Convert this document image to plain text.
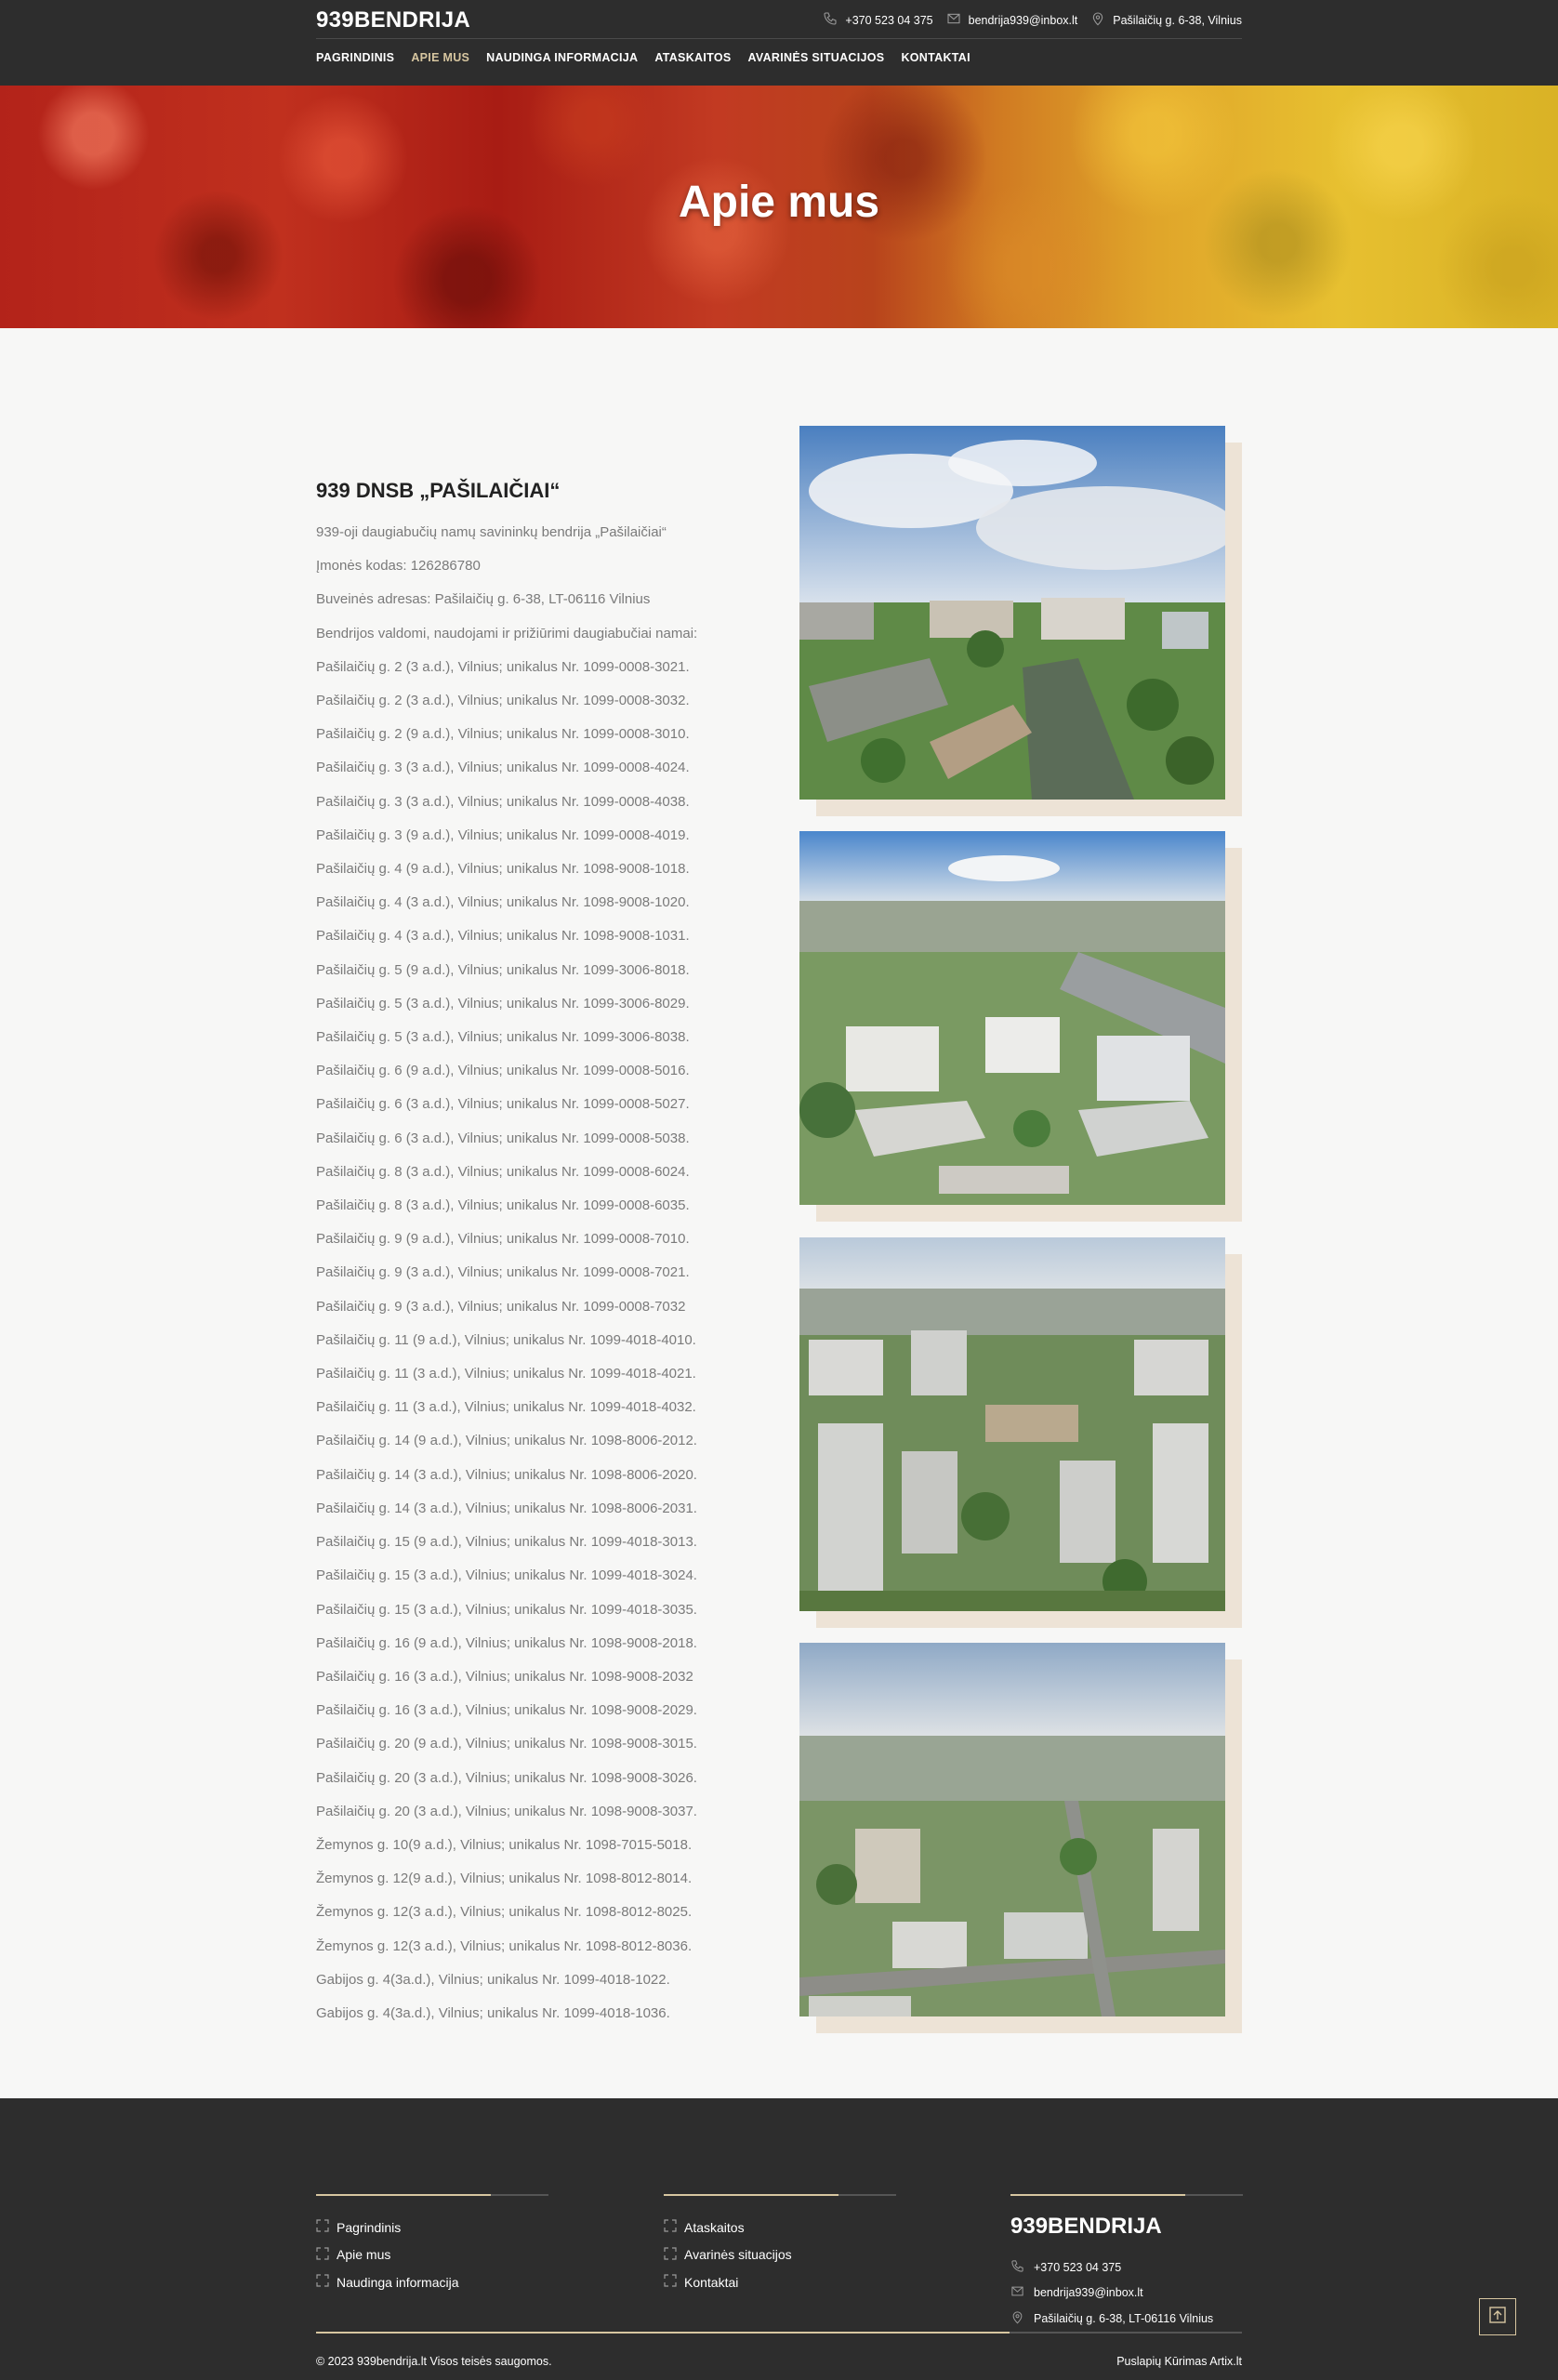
939BENDRIJA	+370 523 04 375	bendrija939@inbox.lt	Pašilaičių g. 6-38, Vilnius
PAGRINDINIS APIE MUS NAUDINGA INFORMACIJA ATASKAITOS AVARINĖS SITUACIJOS KONTAKTAI
Apie mus
939 DNSB „PAŠILAIČIAI“

939-oji daugiabučių namų savininkų bendrija „Pašilaičiai“

Įmonės kodas: 126286780

Buveinės adresas: Pašilaičių g. 6-38, LT-06116 Vilnius

Bendrijos valdomi, naudojami ir prižiūrimi daugiabučiai namai:

Pašilaičių g. 2 (3 a.d.), Vilnius; unikalus Nr. 1099-0008-3021.

Pašilaičių g. 2 (3 a.d.), Vilnius; unikalus Nr. 1099-0008-3032.

Pašilaičių g. 2 (9 a.d.), Vilnius; unikalus Nr. 1099-0008-3010.

Pašilaičių g. 3 (3 a.d.), Vilnius; unikalus Nr. 1099-0008-4024.

Pašilaičių g. 3 (3 a.d.), Vilnius; unikalus Nr. 1099-0008-4038.

Pašilaičių g. 3 (9 a.d.), Vilnius; unikalus Nr. 1099-0008-4019.

Pašilaičių g. 4 (9 a.d.), Vilnius; unikalus Nr. 1098-9008-1018.

Pašilaičių g. 4 (3 a.d.), Vilnius; unikalus Nr. 1098-9008-1020.

Pašilaičių g. 4 (3 a.d.), Vilnius; unikalus Nr. 1098-9008-1031.

Pašilaičių g. 5 (9 a.d.), Vilnius; unikalus Nr. 1099-3006-8018.

Pašilaičių g. 5 (3 a.d.), Vilnius; unikalus Nr. 1099-3006-8029.

Pašilaičių g. 5 (3 a.d.), Vilnius; unikalus Nr. 1099-3006-8038.

Pašilaičių g. 6 (9 a.d.), Vilnius; unikalus Nr. 1099-0008-5016.

Pašilaičių g. 6 (3 a.d.), Vilnius; unikalus Nr. 1099-0008-5027.

Pašilaičių g. 6 (3 a.d.), Vilnius; unikalus Nr. 1099-0008-5038.

Pašilaičių g. 8 (3 a.d.), Vilnius; unikalus Nr. 1099-0008-6024.

Pašilaičių g. 8 (3 a.d.), Vilnius; unikalus Nr. 1099-0008-6035.

Pašilaičių g. 9 (9 a.d.), Vilnius; unikalus Nr. 1099-0008-7010.

Pašilaičių g. 9 (3 a.d.), Vilnius; unikalus Nr. 1099-0008-7021.

Pašilaičių g. 9 (3 a.d.), Vilnius; unikalus Nr. 1099-0008-7032

Pašilaičių g. 11 (9 a.d.), Vilnius; unikalus Nr. 1099-4018-4010.

Pašilaičių g. 11 (3 a.d.), Vilnius; unikalus Nr. 1099-4018-4021.

Pašilaičių g. 11 (3 a.d.), Vilnius; unikalus Nr. 1099-4018-4032.

Pašilaičių g. 14 (9 a.d.), Vilnius; unikalus Nr. 1098-8006-2012.

Pašilaičių g. 14 (3 a.d.), Vilnius; unikalus Nr. 1098-8006-2020.

Pašilaičių g. 14 (3 a.d.), Vilnius; unikalus Nr. 1098-8006-2031.

Pašilaičių g. 15 (9 a.d.), Vilnius; unikalus Nr. 1099-4018-3013.

Pašilaičių g. 15 (3 a.d.), Vilnius; unikalus Nr. 1099-4018-3024.

Pašilaičių g. 15 (3 a.d.), Vilnius; unikalus Nr. 1099-4018-3035.

Pašilaičių g. 16 (9 a.d.), Vilnius; unikalus Nr. 1098-9008-2018.

Pašilaičių g. 16 (3 a.d.), Vilnius; unikalus Nr. 1098-9008-2032

Pašilaičių g. 16 (3 a.d.), Vilnius; unikalus Nr. 1098-9008-2029.

Pašilaičių g. 20 (9 a.d.), Vilnius; unikalus Nr. 1098-9008-3015.

Pašilaičių g. 20 (3 a.d.), Vilnius; unikalus Nr. 1098-9008-3026.

Pašilaičių g. 20 (3 a.d.), Vilnius; unikalus Nr. 1098-9008-3037.

Žemynos g. 10(9 a.d.), Vilnius; unikalus Nr. 1098-7015-5018.

Žemynos g. 12(9 a.d.), Vilnius; unikalus Nr. 1098-8012-8014.

Žemynos g. 12(3 a.d.), Vilnius; unikalus Nr. 1098-8012-8025.

Žemynos g. 12(3 a.d.), Vilnius; unikalus Nr. 1098-8012-8036.

Gabijos g. 4(3a.d.), Vilnius; unikalus Nr. 1099-4018-1022.

Gabijos g. 4(3a.d.), Vilnius; unikalus Nr. 1099-4018-1036.

Pagrindinis
Apie mus
Naudinga informacija
Ataskaitos
Avarinės situacijos
Kontaktai
939BENDRIJA
+370 523 04 375
bendrija939@inbox.lt
Pašilaičių g. 6-38, LT-06116 Vilnius
© 2023 939bendrija.lt Visos teisės saugomos.	Puslapių Kūrimas Artix.lt
